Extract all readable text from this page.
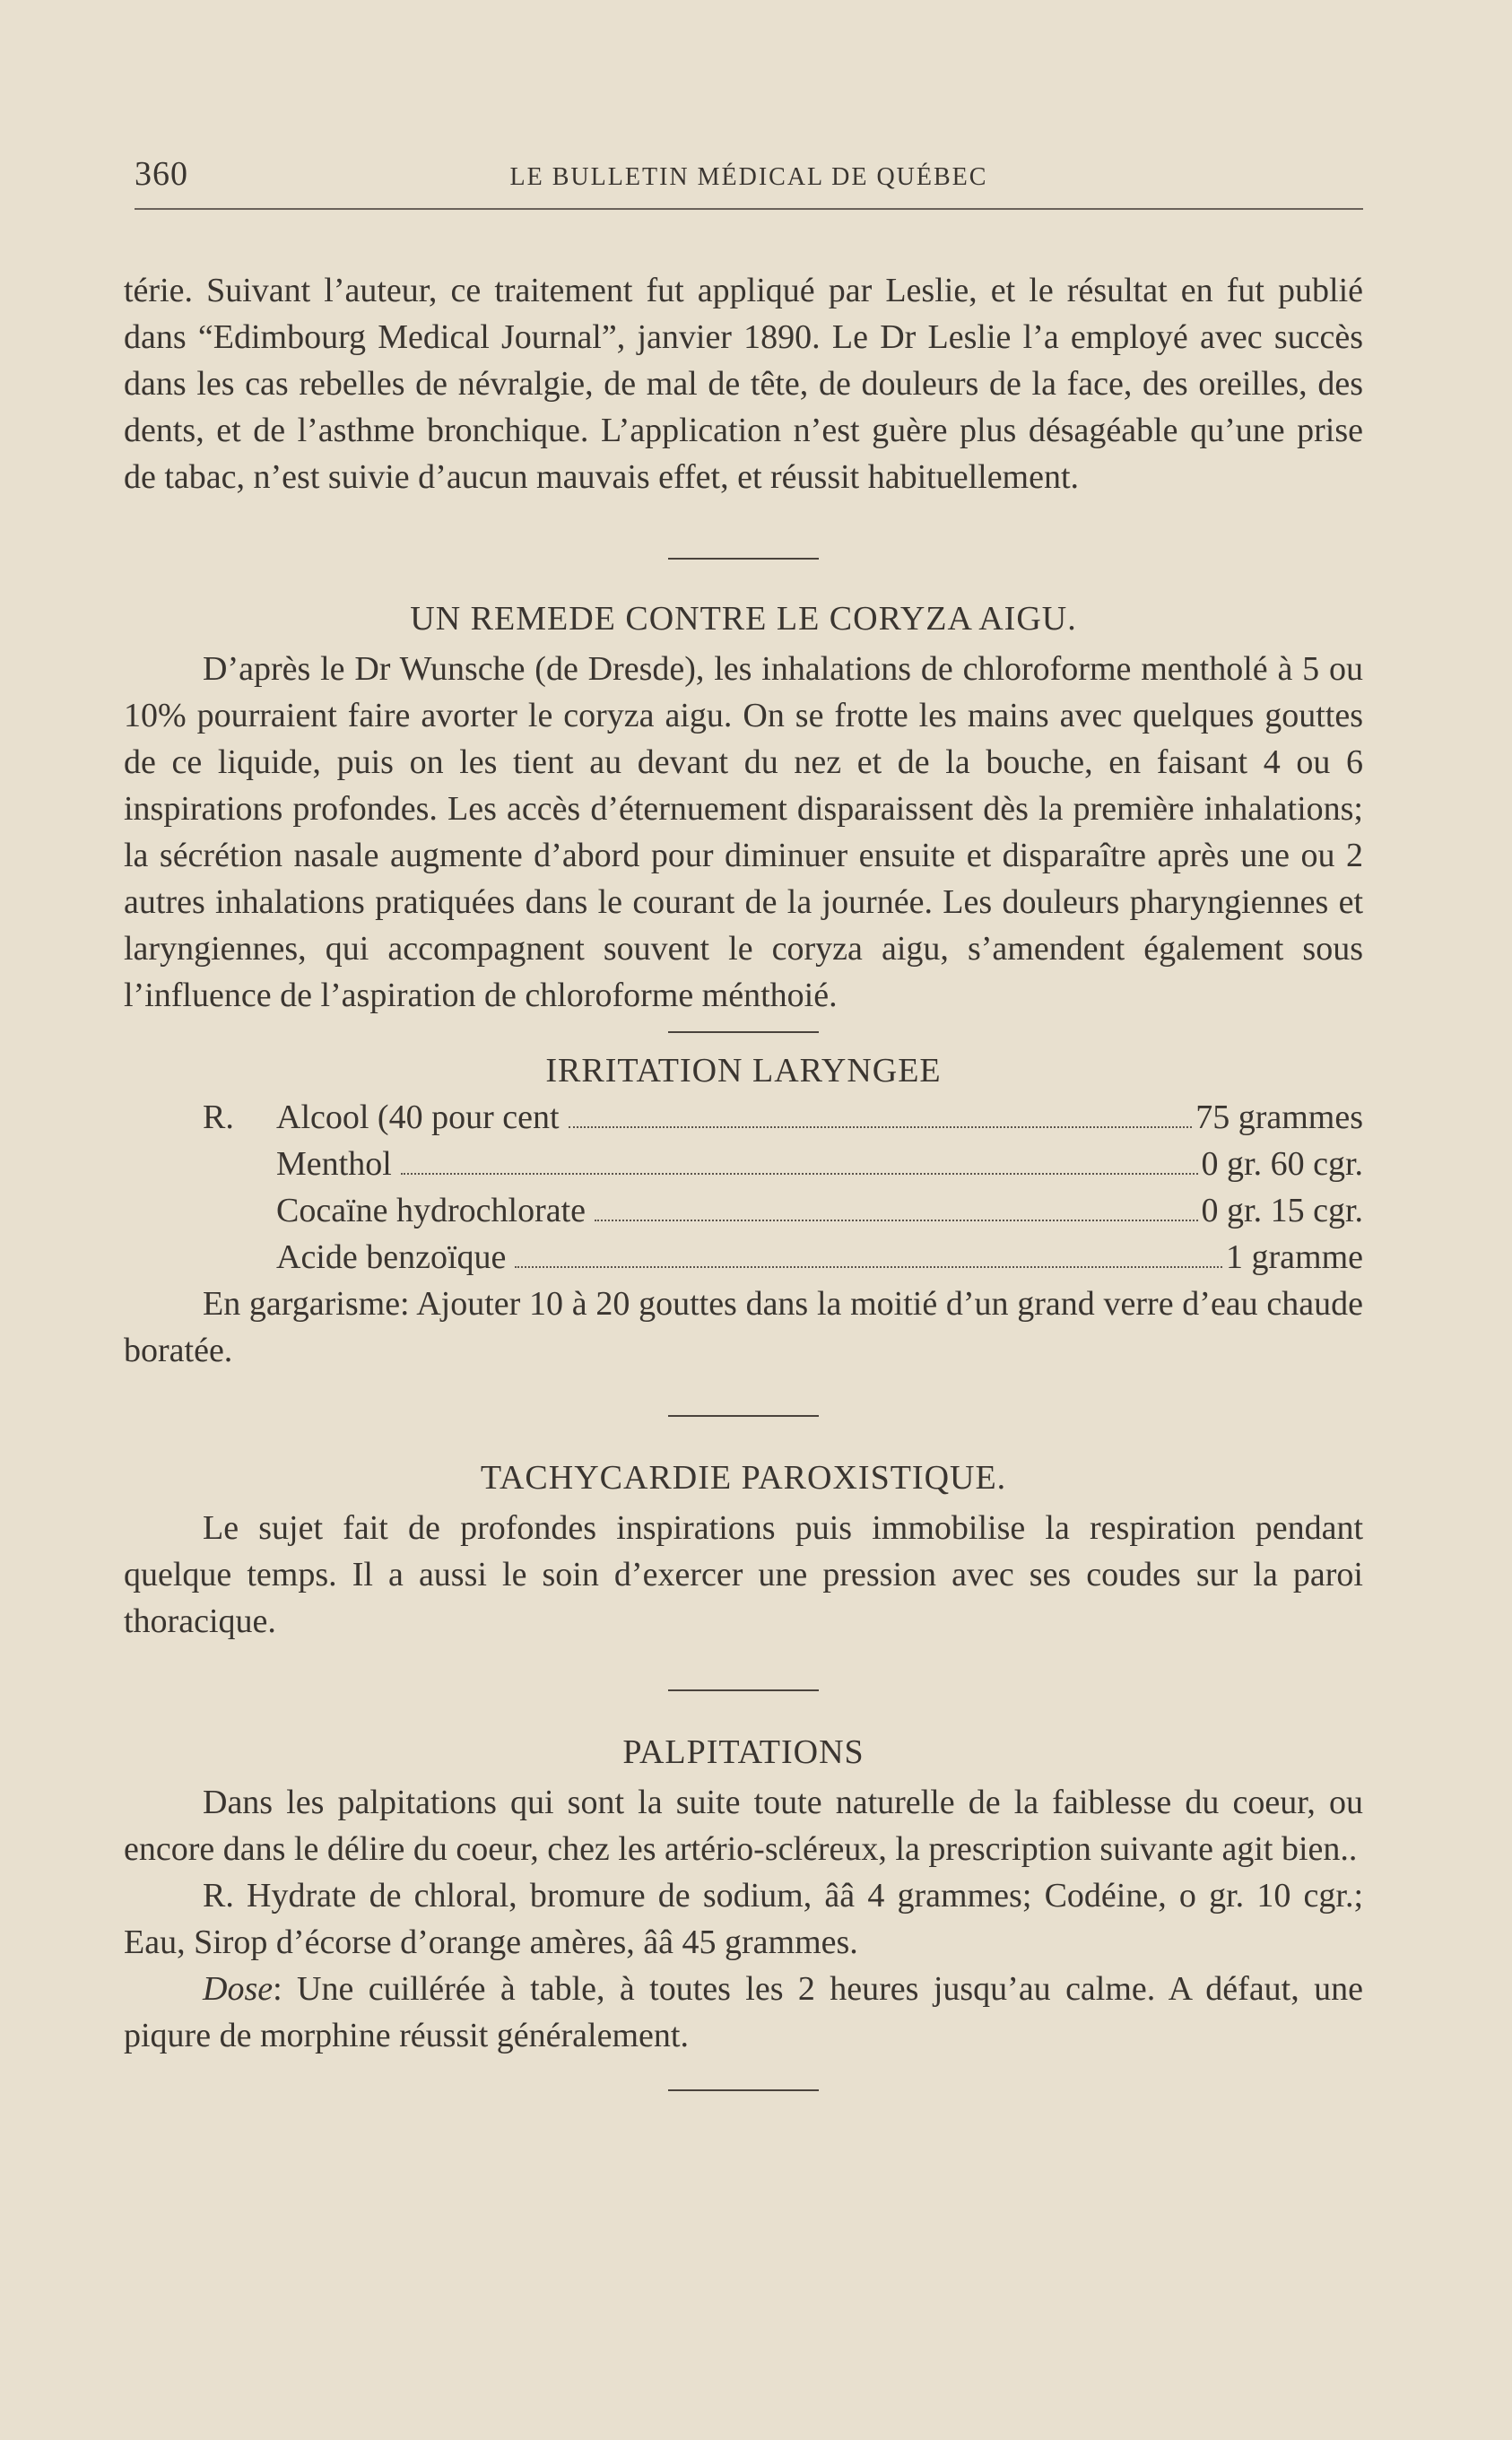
360	LE BULLETIN MÉDICAL DE QUÉBEC

térie. Suivant l’auteur, ce traitement fut appliqué par Leslie, et le résultat en fut publié dans “Edimbourg Medical Journal”, janvier 1890. Le Dr Leslie l’a employé avec succès dans les cas rebelles de névralgie, de mal de tête, de douleurs de la face, des oreilles, des dents, et de l’asthme bronchique. L’application n’est guère plus désagéable qu’une prise de tabac, n’est suivie d’aucun mauvais effet, et réussit habituellement.

UN REMEDE CONTRE LE CORYZA AIGU.

D’après le Dr Wunsche (de Dresde), les inhalations de chloroforme mentholé à 5 ou 10% pourraient faire avorter le coryza aigu. On se frotte les mains avec quelques gouttes de ce liquide, puis on les tient au devant du nez et de la bouche, en faisant 4 ou 6 inspirations profondes. Les accès d’éternuement disparaissent dès la première inhalations; la sécrétion nasale augmente d’abord pour diminuer ensuite et disparaître après une ou 2 autres inhalations pratiquées dans le courant de la journée. Les douleurs pharyngiennes et laryngiennes, qui accompagnent souvent le coryza aigu, s’amendent également sous l’influence de l’aspiration de chloroforme ménthoié.

IRRITATION LARYNGEE
R.	Alcool (40 pour cent	75 grammes
Menthol	0 gr. 60 cgr.
Cocaïne hydrochlorate	0 gr. 15 cgr.
Acide benzoïque	1 gramme

En gargarisme: Ajouter 10 à 20 gouttes dans la moitié d’un grand verre d’eau chaude boratée.

TACHYCARDIE PAROXISTIQUE.

Le sujet fait de profondes inspirations puis immobilise la respiration pendant quelque temps. Il a aussi le soin d’exercer une pression avec ses coudes sur la paroi thoracique.

PALPITATIONS

Dans les palpitations qui sont la suite toute naturelle de la faiblesse du coeur, ou encore dans le délire du coeur, chez les artério-scléreux, la prescription suivante agit bien..

R. Hydrate de chloral, bromure de sodium, ââ 4 grammes; Codéine, o gr. 10 cgr.; Eau, Sirop d’écorse d’orange amères, ââ 45 grammes.

Dose: Une cuillérée à table, à toutes les 2 heures jusqu’au calme. A défaut, une piqure de morphine réussit généralement.
